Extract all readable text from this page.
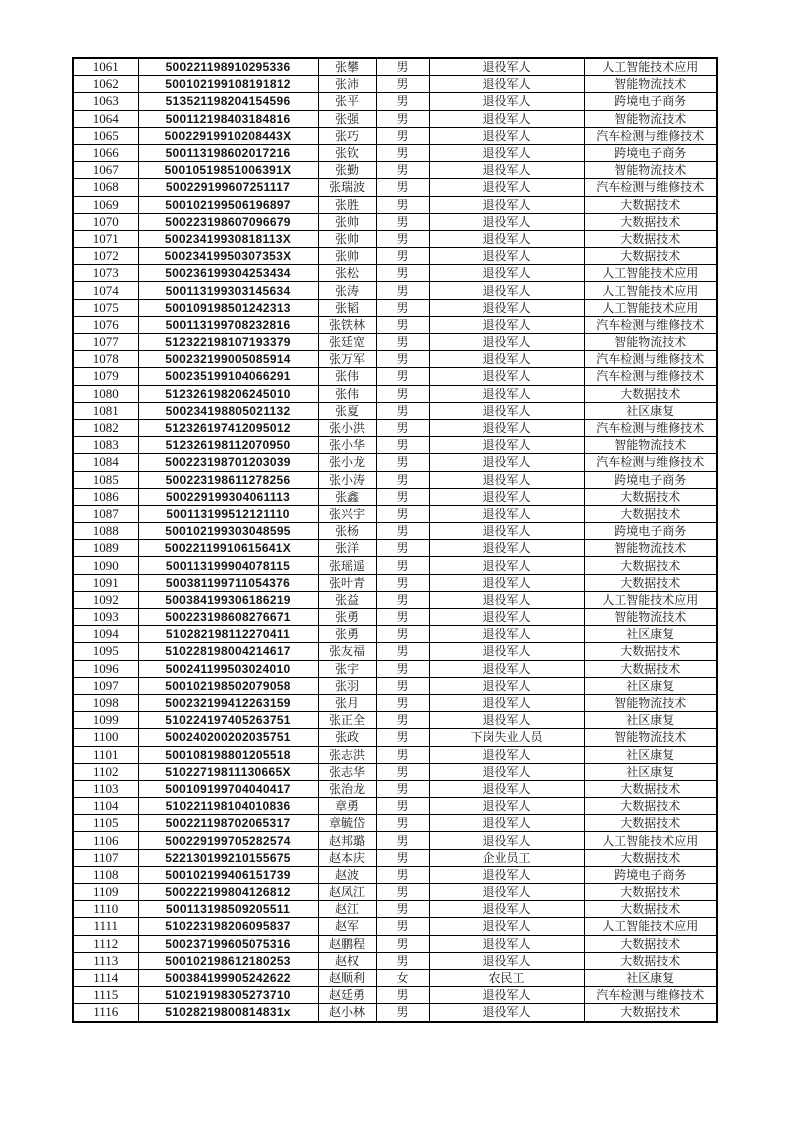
1061	500221198910295336	张攀	男	退役军人	人工智能技术应用
1062	500102199108191812	张沛	男	退役军人	智能物流技术
1063	513521198204154596	张平	男	退役军人	跨境电子商务
1064	500112198403184816	张强	男	退役军人	智能物流技术
1065	50022919910208443X	张巧	男	退役军人	汽车检测与维修技术
1066	500113198602017216	张钦	男	退役军人	跨境电子商务
1067	50010519851006391X	张勤	男	退役军人	智能物流技术
1068	500229199607251117	张瑞波	男	退役军人	汽车检测与维修技术
1069	500102199506196897	张胜	男	退役军人	大数据技术
1070	500223198607096679	张帅	男	退役军人	大数据技术
1071	50023419930818113X	张帅	男	退役军人	大数据技术
1072	50023419950307353X	张帅	男	退役军人	大数据技术
1073	500236199304253434	张松	男	退役军人	人工智能技术应用
1074	500113199303145634	张涛	男	退役军人	人工智能技术应用
1075	500109198501242313	张韬	男	退役军人	人工智能技术应用
1076	500113199708232816	张铁林	男	退役军人	汽车检测与维修技术
1077	512322198107193379	张廷宽	男	退役军人	智能物流技术
1078	500232199005085914	张万军	男	退役军人	汽车检测与维修技术
1079	500235199104066291	张伟	男	退役军人	汽车检测与维修技术
1080	512326198206245010	张伟	男	退役军人	大数据技术
1081	500234198805021132	张夏	男	退役军人	社区康复
1082	512326197412095012	张小洪	男	退役军人	汽车检测与维修技术
1083	512326198112070950	张小华	男	退役军人	智能物流技术
1084	500223198701203039	张小龙	男	退役军人	汽车检测与维修技术
1085	500223198611278256	张小涛	男	退役军人	跨境电子商务
1086	500229199304061113	张鑫	男	退役军人	大数据技术
1087	500113199512121110	张兴宇	男	退役军人	大数据技术
1088	500102199303048595	张杨	男	退役军人	跨境电子商务
1089	50022119910615641X	张洋	男	退役军人	智能物流技术
1090	500113199904078115	张瑶遥	男	退役军人	大数据技术
1091	500381199711054376	张叶青	男	退役军人	大数据技术
1092	500384199306186219	张益	男	退役军人	人工智能技术应用
1093	500223198608276671	张勇	男	退役军人	智能物流技术
1094	510282198112270411	张勇	男	退役军人	社区康复
1095	510228198004214617	张友福	男	退役军人	大数据技术
1096	500241199503024010	张宇	男	退役军人	大数据技术
1097	500102198502079058	张羽	男	退役军人	社区康复
1098	500232199412263159	张月	男	退役军人	智能物流技术
1099	510224197405263751	张正全	男	退役军人	社区康复
1100	500240200202035751	张政	男	下岗失业人员	智能物流技术
1101	500108198801205518	张志洪	男	退役军人	社区康复
1102	51022719811130665X	张志华	男	退役军人	社区康复
1103	500109199704040417	张治龙	男	退役军人	大数据技术
1104	510221198104010836	章勇	男	退役军人	大数据技术
1105	500221198702065317	章毓岱	男	退役军人	大数据技术
1106	500229199705282574	赵邦璐	男	退役军人	人工智能技术应用
1107	522130199210155675	赵本庆	男	企业员工	大数据技术
1108	500102199406151739	赵波	男	退役军人	跨境电子商务
1109	500222199804126812	赵凤江	男	退役军人	大数据技术
1110	500113198509205511	赵江	男	退役军人	大数据技术
1111	510223198206095837	赵军	男	退役军人	人工智能技术应用
1112	500237199605075316	赵鹏程	男	退役军人	大数据技术
1113	500102198612180253	赵权	男	退役军人	大数据技术
1114	500384199905242622	赵顺利	女	农民工	社区康复
1115	510219198305273710	赵廷勇	男	退役军人	汽车检测与维修技术
1116	51028219800814831x	赵小林	男	退役军人	大数据技术
